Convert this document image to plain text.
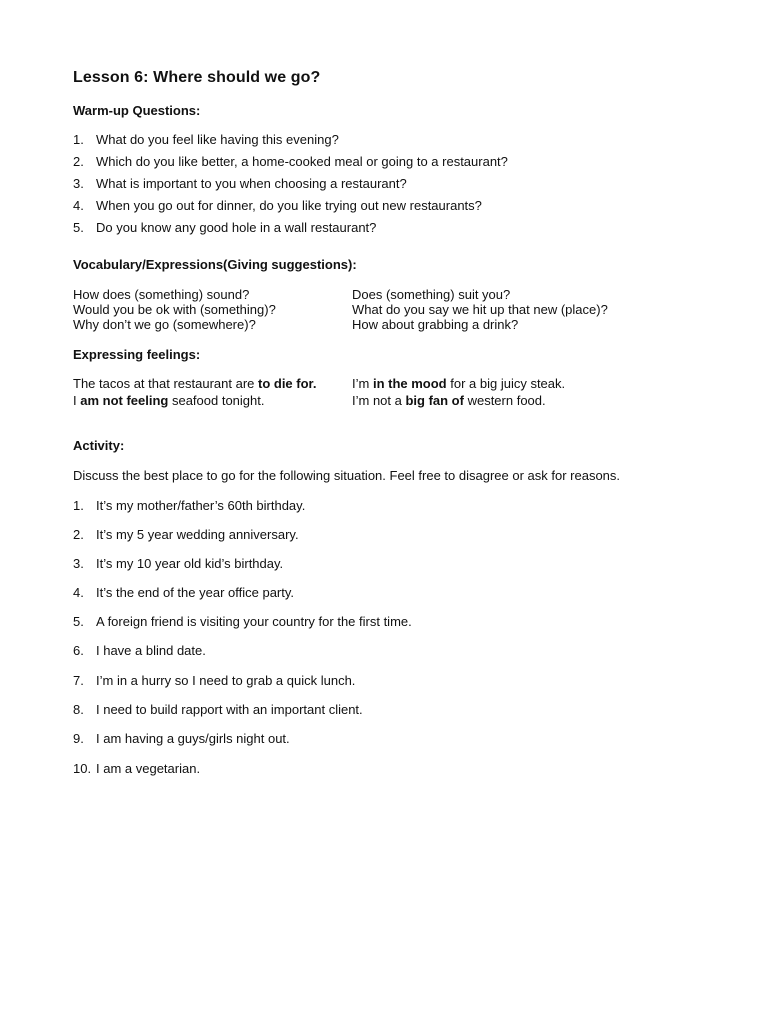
Lesson 6: Where should we go?
Warm-up Questions:
1. What do you feel like having this evening?
2. Which do you like better, a home-cooked meal or going to a restaurant?
3. What is important to you when choosing a restaurant?
4. When you go out for dinner, do you like trying out new restaurants?
5. Do you know any good hole in a wall restaurant?
Vocabulary/Expressions(Giving suggestions):
How does (something) sound?
Would you be ok with (something)?
Why don’t we go (somewhere)?
Does (something) suit you?
What do you say we hit up that new (place)?
How about grabbing a drink?
Expressing feelings:
The tacos at that restaurant are to die for.
I am not feeling seafood tonight.
I’m in the mood for a big juicy steak.
I’m not a big fan of western food.
Activity:
Discuss the best place to go for the following situation. Feel free to disagree or ask for reasons.
1. It’s my mother/father’s 60th birthday.
2. It’s my 5 year wedding anniversary.
3. It’s my 10 year old kid’s birthday.
4. It’s the end of the year office party.
5. A foreign friend is visiting your country for the first time.
6. I have a blind date.
7. I’m in a hurry so I need to grab a quick lunch.
8. I need to build rapport with an important client.
9. I am having a guys/girls night out.
10. I am a vegetarian.
